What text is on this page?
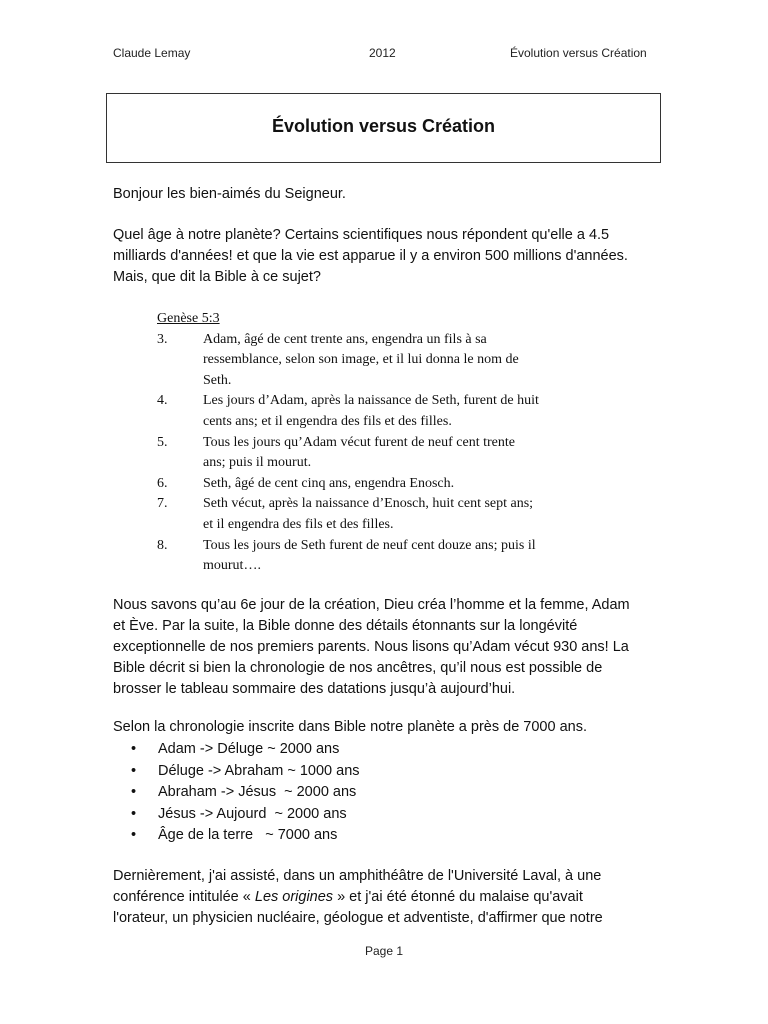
Claude Lemay	2012	Évolution versus Création
Évolution versus Création
Bonjour les bien-aimés du Seigneur.
Quel âge à notre planète? Certains scientifiques nous répondent qu'elle a 4.5
milliards d'années! et que la vie est apparue il y a environ 500 millions d'années.
Mais, que dit la Bible à ce sujet?
Genèse 5:3
3.	Adam, âgé de cent trente ans, engendra un fils à sa
ressemblance, selon son image, et il lui donna le nom de
Seth.
4.	Les jours d’Adam, après la naissance de Seth, furent de huit
cents ans; et il engendra des fils et des filles.
5.	Tous les jours qu’Adam vécut furent de neuf cent trente
ans; puis il mourut.
6.	Seth, âgé de cent cinq ans, engendra Enosch.
7.	Seth vécut, après la naissance d’Enosch, huit cent sept ans;
et il engendra des fils et des filles.
8.	Tous les jours de Seth furent de neuf cent douze ans; puis il
mourut….
Nous savons qu’au 6e jour de la création, Dieu créa l’homme et la femme, Adam
et Ève. Par la suite, la Bible donne des détails étonnants sur la longévité
exceptionnelle de nos premiers parents. Nous lisons qu’Adam vécut 930 ans! La
Bible décrit si bien la chronologie de nos ancêtres, qu’il nous est possible de
brosser le tableau sommaire des datations jusqu’à aujourd’hui.
Selon la chronologie inscrite dans Bible notre planète a près de 7000 ans.
• Adam -> Déluge ~ 2000 ans
• Déluge -> Abraham ~ 1000 ans
• Abraham -> Jésus  ~ 2000 ans
• Jésus -> Aujourd  ~ 2000 ans
• Âge de la terre   ~ 7000 ans
Dernièrement, j'ai assisté, dans un amphithéâtre de l'Université Laval, à une
conférence intitulée « Les origines » et j'ai été étonné du malaise qu'avait
l'orateur, un physicien nucléaire, géologue et adventiste, d'affirmer que notre
Page 1
